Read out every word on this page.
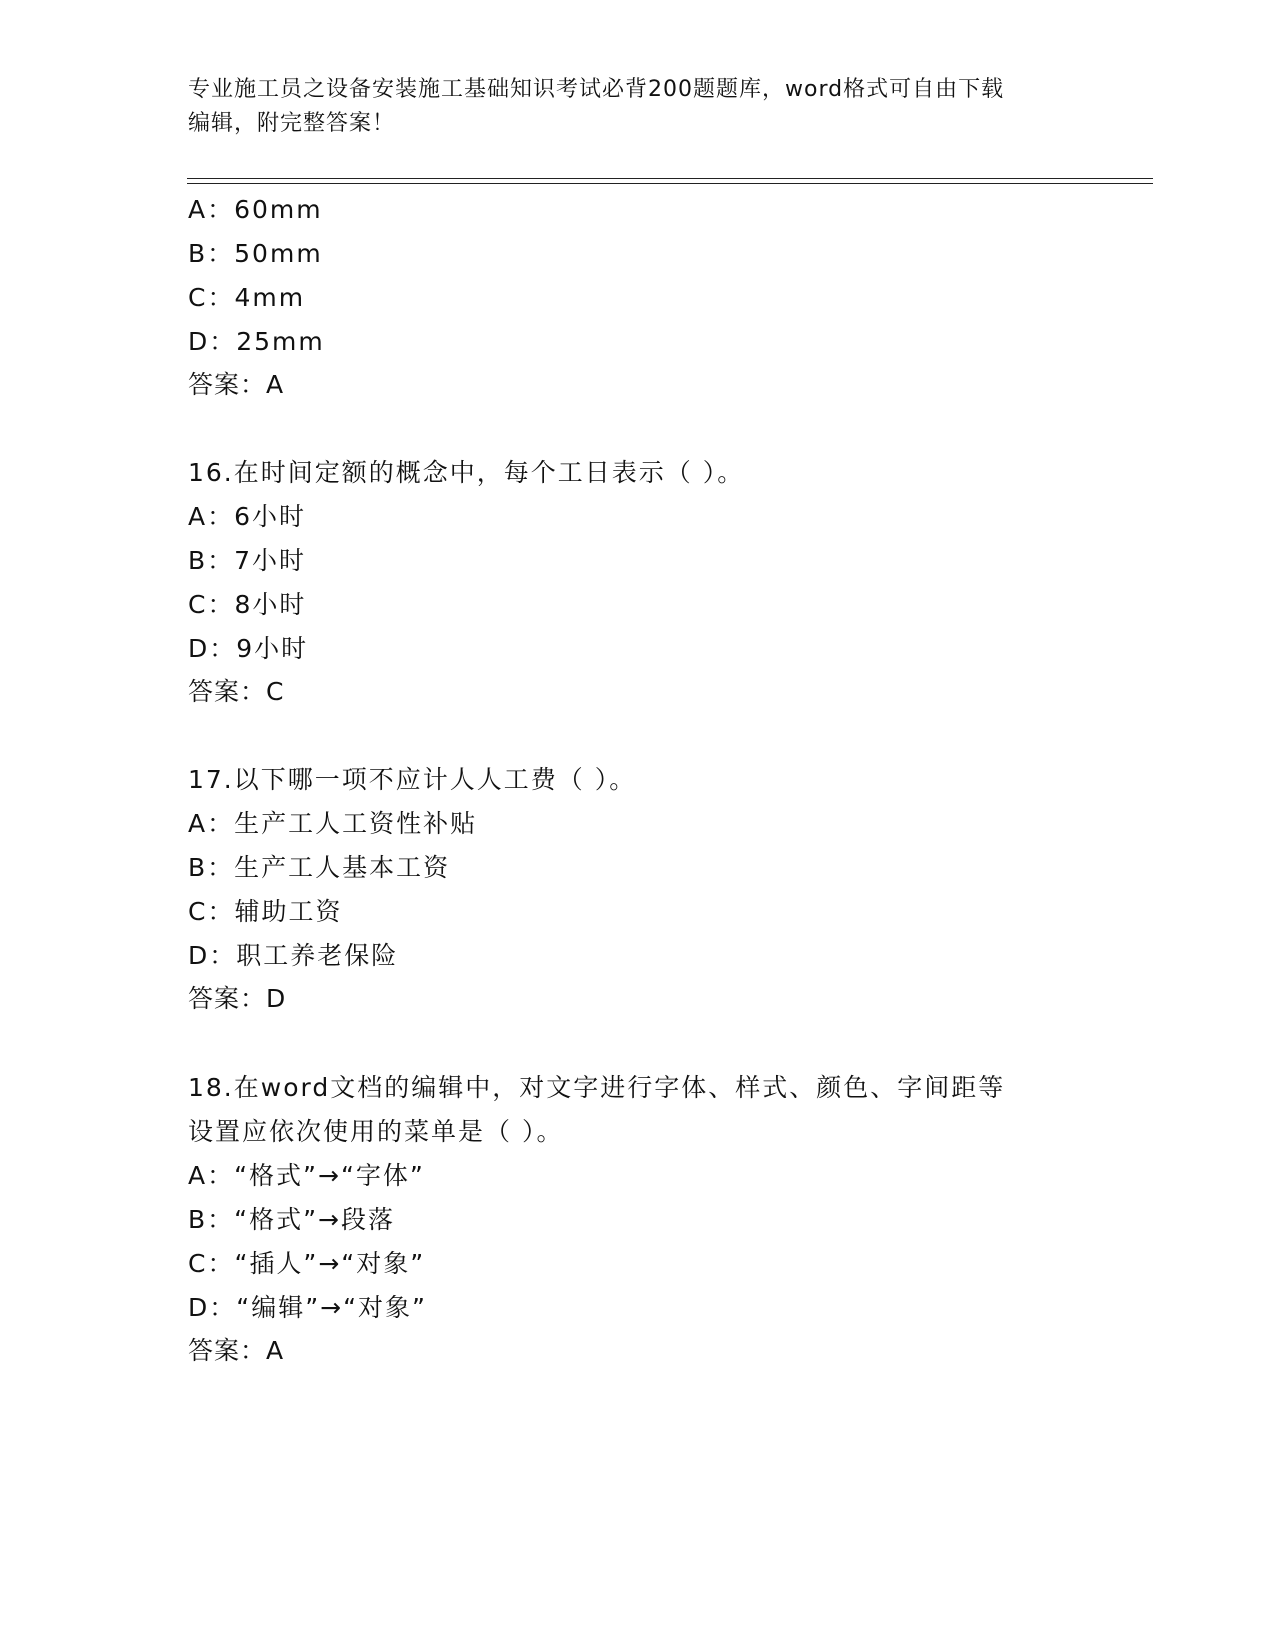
专业施工员之设备安装施工基础知识考试必背200题题库，word格式可自由下载
编辑，附完整答案！
A：60mm
B：50mm
C：4mm
D：25mm
答案：A
16.在时间定额的概念中，每个工日表示（ ）。
A：6小时
B：7小时
C：8小时
D：9小时
答案：C
17.以下哪一项不应计人人工费（ ）。
A：生产工人工资性补贴
B：生产工人基本工资
C：辅助工资
D：职工养老保险
答案：D
18.在word文档的编辑中，对文字进行字体、样式、颜色、字间距等
设置应依次使用的菜单是（ ）。
A：“格式”→“字体”
B：“格式”→段落
C：“插人”→“对象”
D：“编辑”→“对象”
答案：A
